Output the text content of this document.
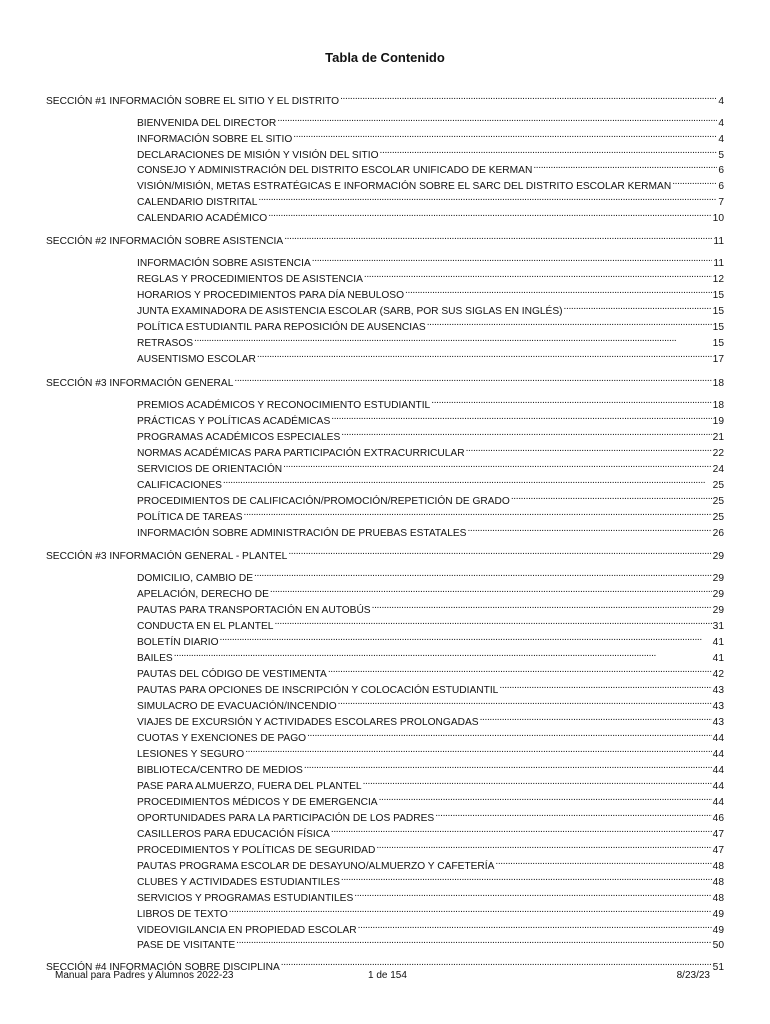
Tabla de Contenido
SECCIÓN #1 INFORMACIÓN SOBRE EL SITIO Y EL DISTRITO . . .	4
BIENVENIDA DEL DIRECTOR . . .	4
INFORMACIÓN SOBRE EL SITIO . . .	4
DECLARACIONES DE MISIÓN Y VISIÓN DEL SITIO . . .	5
CONSEJO Y ADMINISTRACIÓN DEL DISTRITO ESCOLAR UNIFICADO DE KERMAN . . .	6
VISIÓN/MISIÓN, METAS ESTRATÉGICAS E INFORMACIÓN SOBRE EL SARC DEL DISTRITO ESCOLAR KERMAN . . .	6
CALENDARIO DISTRITAL . . .	7
CALENDARIO ACADÉMICO . . .	10
SECCIÓN #2 INFORMACIÓN SOBRE ASISTENCIA . . .	11
INFORMACIÓN SOBRE ASISTENCIA . . .	11
REGLAS Y PROCEDIMIENTOS DE ASISTENCIA . . .	12
HORARIOS Y PROCEDIMIENTOS PARA DÍA NEBULOSO . . .	15
JUNTA EXAMINADORA DE ASISTENCIA ESCOLAR (SARB, POR SUS SIGLAS EN INGLÉS) . . .	15
POLÍTICA ESTUDIANTIL PARA REPOSICIÓN DE AUSENCIAS . . .	15
RETRASOS . . .	15
AUSENTISMO ESCOLAR . . .	17
SECCIÓN #3 INFORMACIÓN GENERAL . . .	18
PREMIOS ACADÉMICOS Y RECONOCIMIENTO ESTUDIANTIL . . .	18
PRÁCTICAS Y POLÍTICAS ACADÉMICAS . . .	19
PROGRAMAS ACADÉMICOS ESPECIALES . . .	21
NORMAS ACADÉMICAS PARA PARTICIPACIÓN EXTRACURRICULAR . . .	22
SERVICIOS DE ORIENTACIÓN . . .	24
CALIFICACIONES . . .	25
PROCEDIMIENTOS DE CALIFICACIÓN/PROMOCIÓN/REPETICIÓN DE GRADO . . .	25
POLÍTICA DE TAREAS . . .	25
INFORMACIÓN SOBRE ADMINISTRACIÓN DE PRUEBAS ESTATALES . . .	26
SECCIÓN #3 INFORMACIÓN GENERAL - PLANTEL . . .	29
DOMICILIO, CAMBIO DE . . .	29
APELACIÓN, DERECHO DE . . .	29
PAUTAS PARA TRANSPORTACIÓN EN AUTOBÚS . . .	29
CONDUCTA EN EL PLANTEL . . .	31
BOLETÍN DIARIO . . .	41
BAILES . . .	41
PAUTAS DEL CÓDIGO DE VESTIMENTA . . .	42
PAUTAS PARA OPCIONES DE INSCRIPCIÓN Y COLOCACIÓN ESTUDIANTIL . . .	43
SIMULACRO DE EVACUACIÓN/INCENDIO . . .	43
VIAJES DE EXCURSIÓN Y ACTIVIDADES ESCOLARES PROLONGADAS . . .	43
CUOTAS Y EXENCIONES DE PAGO . . .	44
LESIONES Y SEGURO . . .	44
BIBLIOTECA/CENTRO DE MEDIOS . . .	44
PASE PARA ALMUERZO, FUERA DEL PLANTEL . . .	44
PROCEDIMIENTOS MÉDICOS Y DE EMERGENCIA . . .	44
OPORTUNIDADES PARA LA PARTICIPACIÓN DE LOS PADRES . . .	46
CASILLEROS PARA EDUCACIÓN FÍSICA . . .	47
PROCEDIMIENTOS Y POLÍTICAS DE SEGURIDAD . . .	47
PAUTAS PROGRAMA ESCOLAR DE DESAYUNO/ALMUERZO Y CAFETERÍA . . .	48
CLUBES Y ACTIVIDADES ESTUDIANTILES . . .	48
SERVICIOS Y PROGRAMAS ESTUDIANTILES . . .	48
LIBROS DE TEXTO . . .	49
VIDEOVIGILANCIA EN PROPIEDAD ESCOLAR . . .	49
PASE DE VISITANTE . . .	50
SECCIÓN #4 INFORMACIÓN SOBRE DISCIPLINA . . .	51
Manual para Padres y Alumnos 2022-23	1 de 154	8/23/23
